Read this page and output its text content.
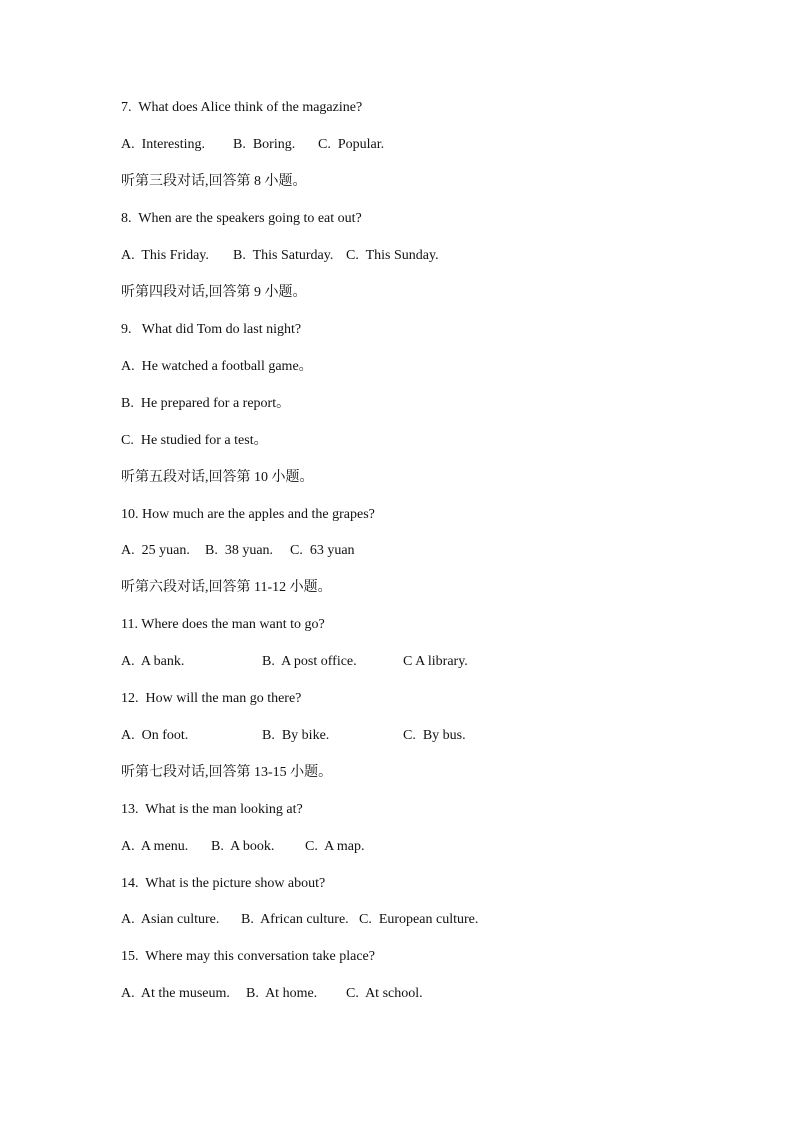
7.  What does Alice think of the magazine?
A.  Interesting. B.  Boring. C.  Popular.
听第三段对话,回答第 8 小题。
8.  When are the speakers going to eat out?
A.  This Friday. B.  This Saturday. C.  This Sunday.
听第四段对话,回答第 9 小题。
9.   What did Tom do last night?
A.  He watched a football game。
B.  He prepared for a report。
C.  He studied for a test。
听第五段对话,回答第 10 小题。
10. How much are the apples and the grapes?
A.  25 yuan. B.  38 yuan. C.  63 yuan
听第六段对话,回答第 11-12 小题。
11. Where does the man want to go?
A.  A bank.	B.  A post office.	C A library.
12.  How will the man go there?
A.  On foot.	B.  By bike.	C.  By bus.
听第七段对话,回答第 13-15 小题。
13.  What is the man looking at?
A.  A menu. B.  A book. C.  A map.
14.  What is the picture show about?
A.  Asian culture. B.  African culture. C.  European culture.
15.  Where may this conversation take place?
A.  At the museum. B.  At home. C.  At school.
